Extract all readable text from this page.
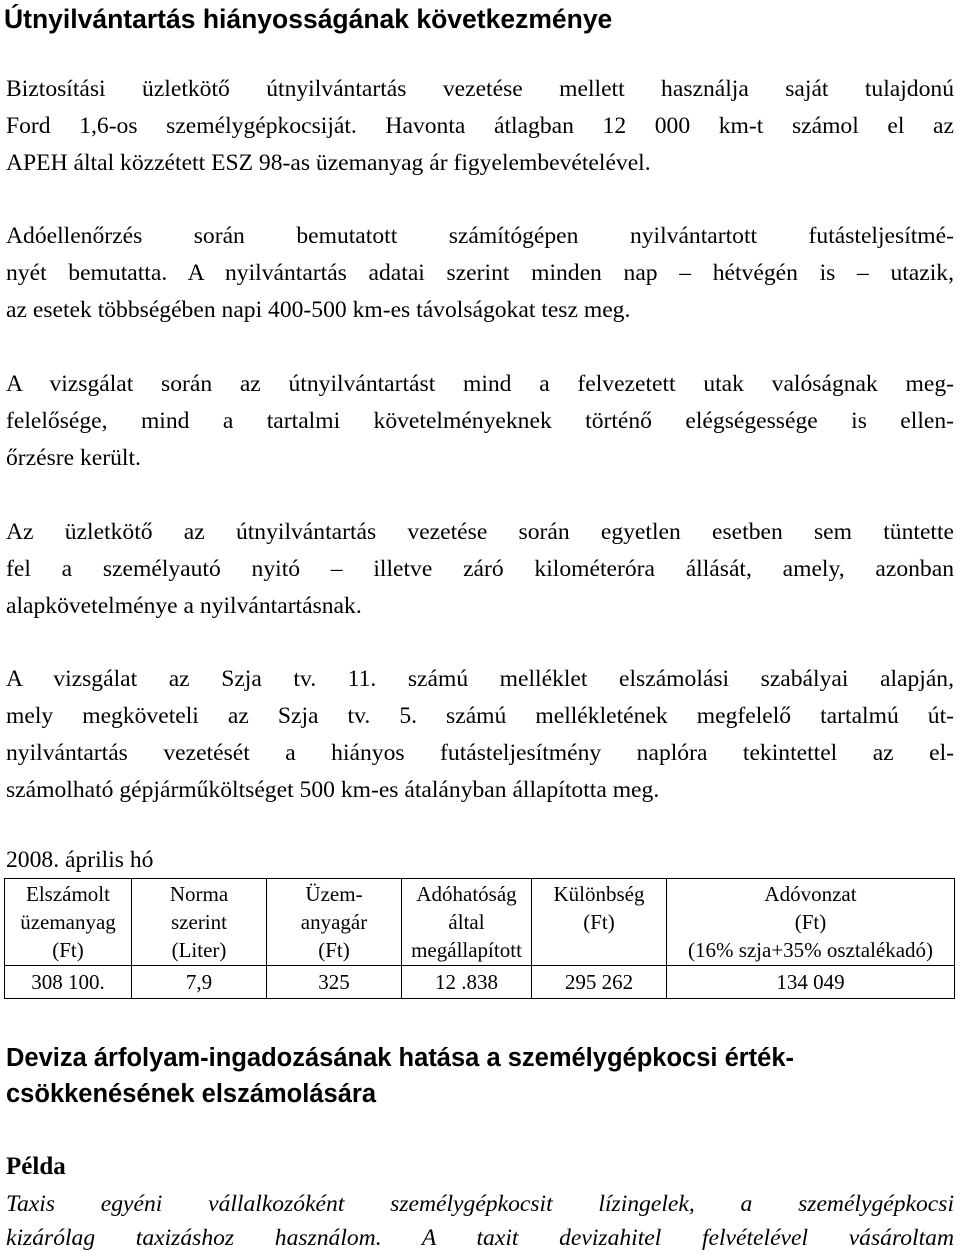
Útnyilvántartás hiányosságának következménye
Biztosítási üzletkötő útnyilvántartás vezetése mellett használja saját tulajdonú
Ford 1,6-os személygépkocsiját. Havonta átlagban 12 000 km-t számol el az
APEH által közzétett ESZ 98-as üzemanyag ár figyelembevételével.
Adóellenőrzés során bemutatott számítógépen nyilvántartott futásteljesítmé-
nyét bemutatta. A nyilvántartás adatai szerint minden nap – hétvégén is – utazik,
az esetek többségében napi 400-500 km-es távolságokat tesz meg.
A vizsgálat során az útnyilvántartást mind a felvezetett utak valóságnak meg-
felelősége, mind a tartalmi követelményeknek történő elégségessége is ellen-
őrzésre került.
Az üzletkötő az útnyilvántartás vezetése során egyetlen esetben sem tüntette
fel a személyautó nyitó – illetve záró kilométeróra állását, amely, azonban
alapkövetelménye a nyilvántartásnak.
A vizsgálat az Szja tv. 11. számú melléklet elszámolási szabályai alapján,
mely megköveteli az Szja tv. 5. számú mellékletének megfelelő tartalmú út-
nyilvántartás vezetését a hiányos futásteljesítmény naplóra tekintettel az el-
számolható gépjárműköltséget 500 km-es átalányban állapította meg.
2008. április hó
Elszámolt
üzemanyag
(Ft)	Norma
szerint
(Liter)	Üzem-
anyagár
(Ft)	Adóhatóság
által
megállapított	Különbség
(Ft)	Adóvonzat
(Ft)
(16% szja+35% osztalékadó)

308 100.	7,9	325	12 .838	295 262	134 049
Deviza árfolyam-ingadozásának hatása a személygépkocsi érték-
csökkenésének elszámolására
Példa
Taxis egyéni vállalkozóként személygépkocsit lízingelek, a személygépkocsi
kizárólag taxizáshoz használom. A taxit devizahitel felvételével vásároltam
